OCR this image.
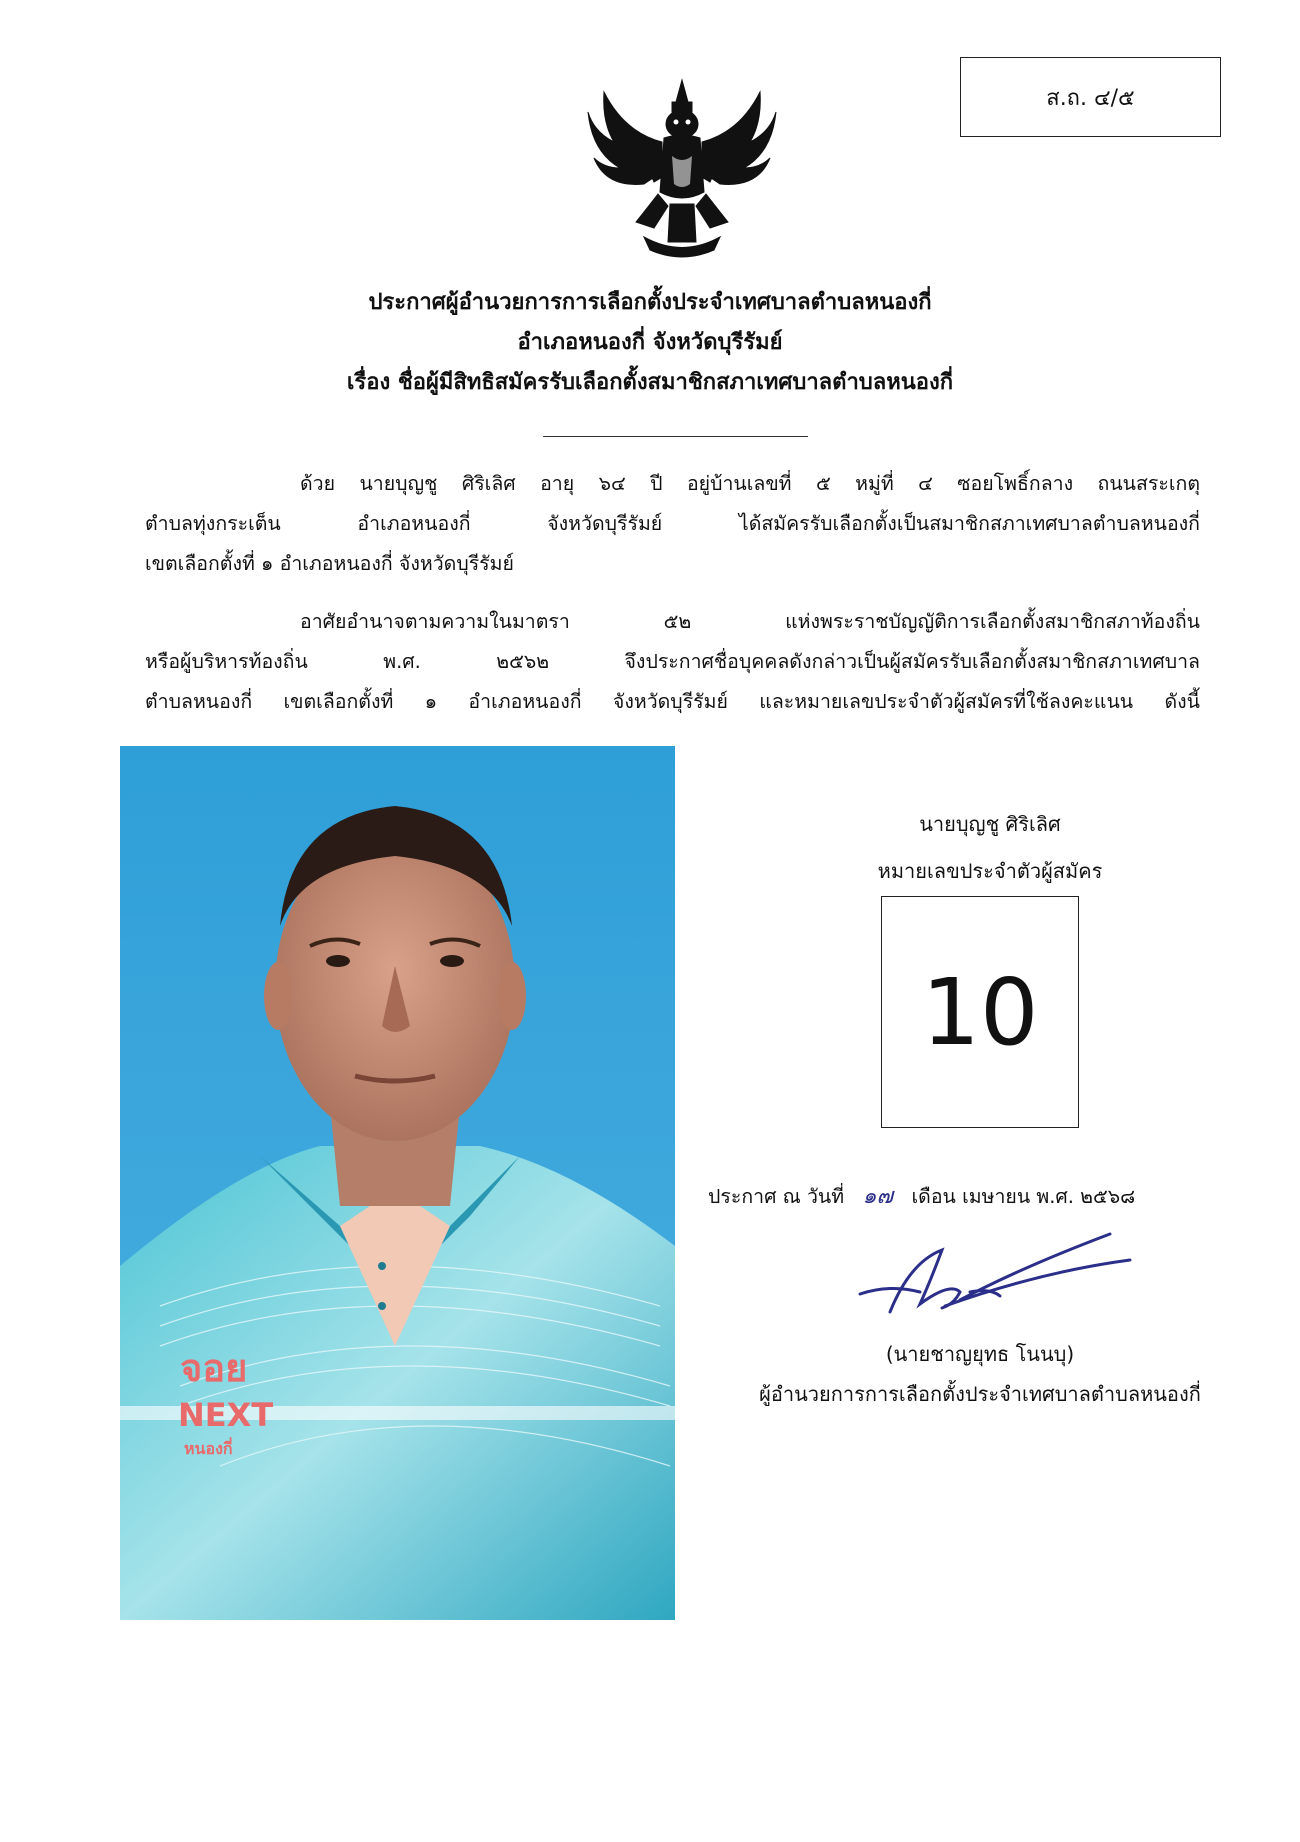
ส.ถ. ๔/๕
ประกาศผู้อำนวยการการเลือกตั้งประจำเทศบาลตำบลหนองกี่
อำเภอหนองกี่ จังหวัดบุรีรัมย์
เรื่อง ชื่อผู้มีสิทธิสมัครรับเลือกตั้งสมาชิกสภาเทศบาลตำบลหนองกี่
ด้วย นายบุญชู ศิริเลิศ อายุ ๖๔ ปี อยู่บ้านเลขที่ ๕ หมู่ที่ ๔ ซอยโพธิ์กลาง ถนนสระเกตุ
ตำบลทุ่งกระเต็น อำเภอหนองกี่ จังหวัดบุรีรัมย์ ได้สมัครรับเลือกตั้งเป็นสมาชิกสภาเทศบาลตำบลหนองกี่
เขตเลือกตั้งที่ ๑ อำเภอหนองกี่ จังหวัดบุรีรัมย์
อาศัยอำนาจตามความในมาตรา ๕๒ แห่งพระราชบัญญัติการเลือกตั้งสมาชิกสภาท้องถิ่น
หรือผู้บริหารท้องถิ่น พ.ศ. ๒๕๖๒ จึงประกาศชื่อบุคคลดังกล่าวเป็นผู้สมัครรับเลือกตั้งสมาชิกสภาเทศบาล
ตำบลหนองกี่ เขตเลือกตั้งที่ ๑ อำเภอหนองกี่ จังหวัดบุรีรัมย์ และหมายเลขประจำตัวผู้สมัครที่ใช้ลงคะแนน ดังนี้
จอย
NEXT
หนองกี่
นายบุญชู ศิริเลิศ
หมายเลขประจำตัวผู้สมัคร
10
ประกาศ ณ วันที่ ๑๗ เดือน เมษายน พ.ศ. ๒๕๖๘
(นายชาญยุทธ โนนบุ)
ผู้อำนวยการการเลือกตั้งประจำเทศบาลตำบลหนองกี่
